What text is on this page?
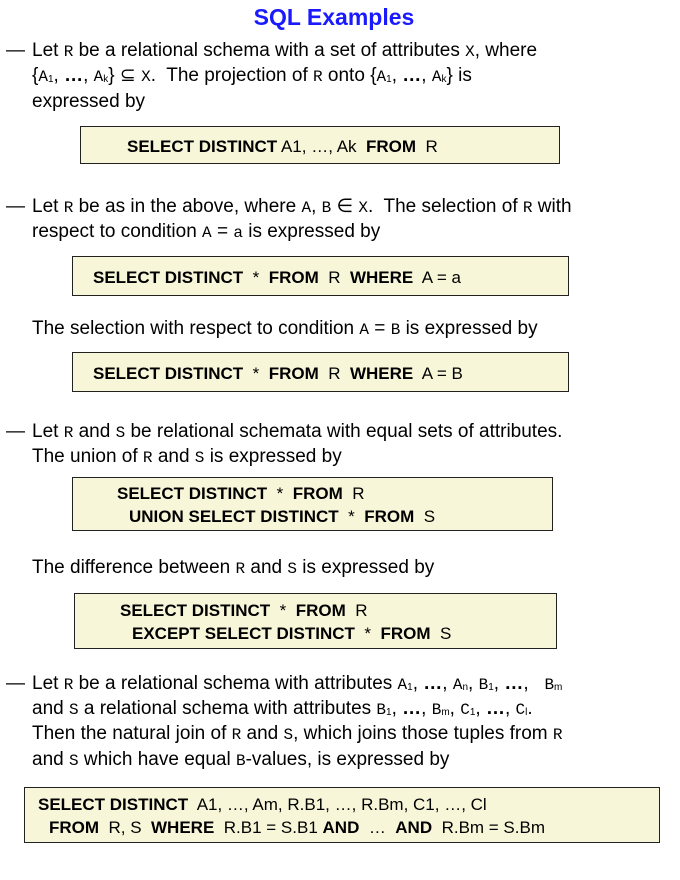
SQL Examples
— Let R be a relational schema with a set of attributes X, where
{A1, …, Ak} ⊆ X. The projection of R onto {A1, …, Ak} is
expressed by
SELECT DISTINCT A1, …, Ak FROM R
— Let R be as in the above, where A, B ∈ X. The selection of R with
respect to condition A = a is expressed by
SELECT DISTINCT * FROM R WHERE A = a
The selection with respect to condition A = B is expressed by
SELECT DISTINCT * FROM R WHERE A = B
— Let R and S be relational schemata with equal sets of attributes.
The union of R and S is expressed by
SELECT DISTINCT * FROM R
UNION SELECT DISTINCT * FROM S
The difference between R and S is expressed by
SELECT DISTINCT * FROM R
EXCEPT SELECT DISTINCT * FROM S
— Let R be a relational schema with attributes A1, …, An, B1, …, Bm
and S a relational schema with attributes B1, …, Bm, C1, …, Cl.
Then the natural join of R and S, which joins those tuples from R
and S which have equal B-values, is expressed by
SELECT DISTINCT A1, …, Am, R.B1, …, R.Bm, C1, …, Cl
FROM R, S WHERE R.B1 = S.B1 AND … AND R.Bm = S.Bm
